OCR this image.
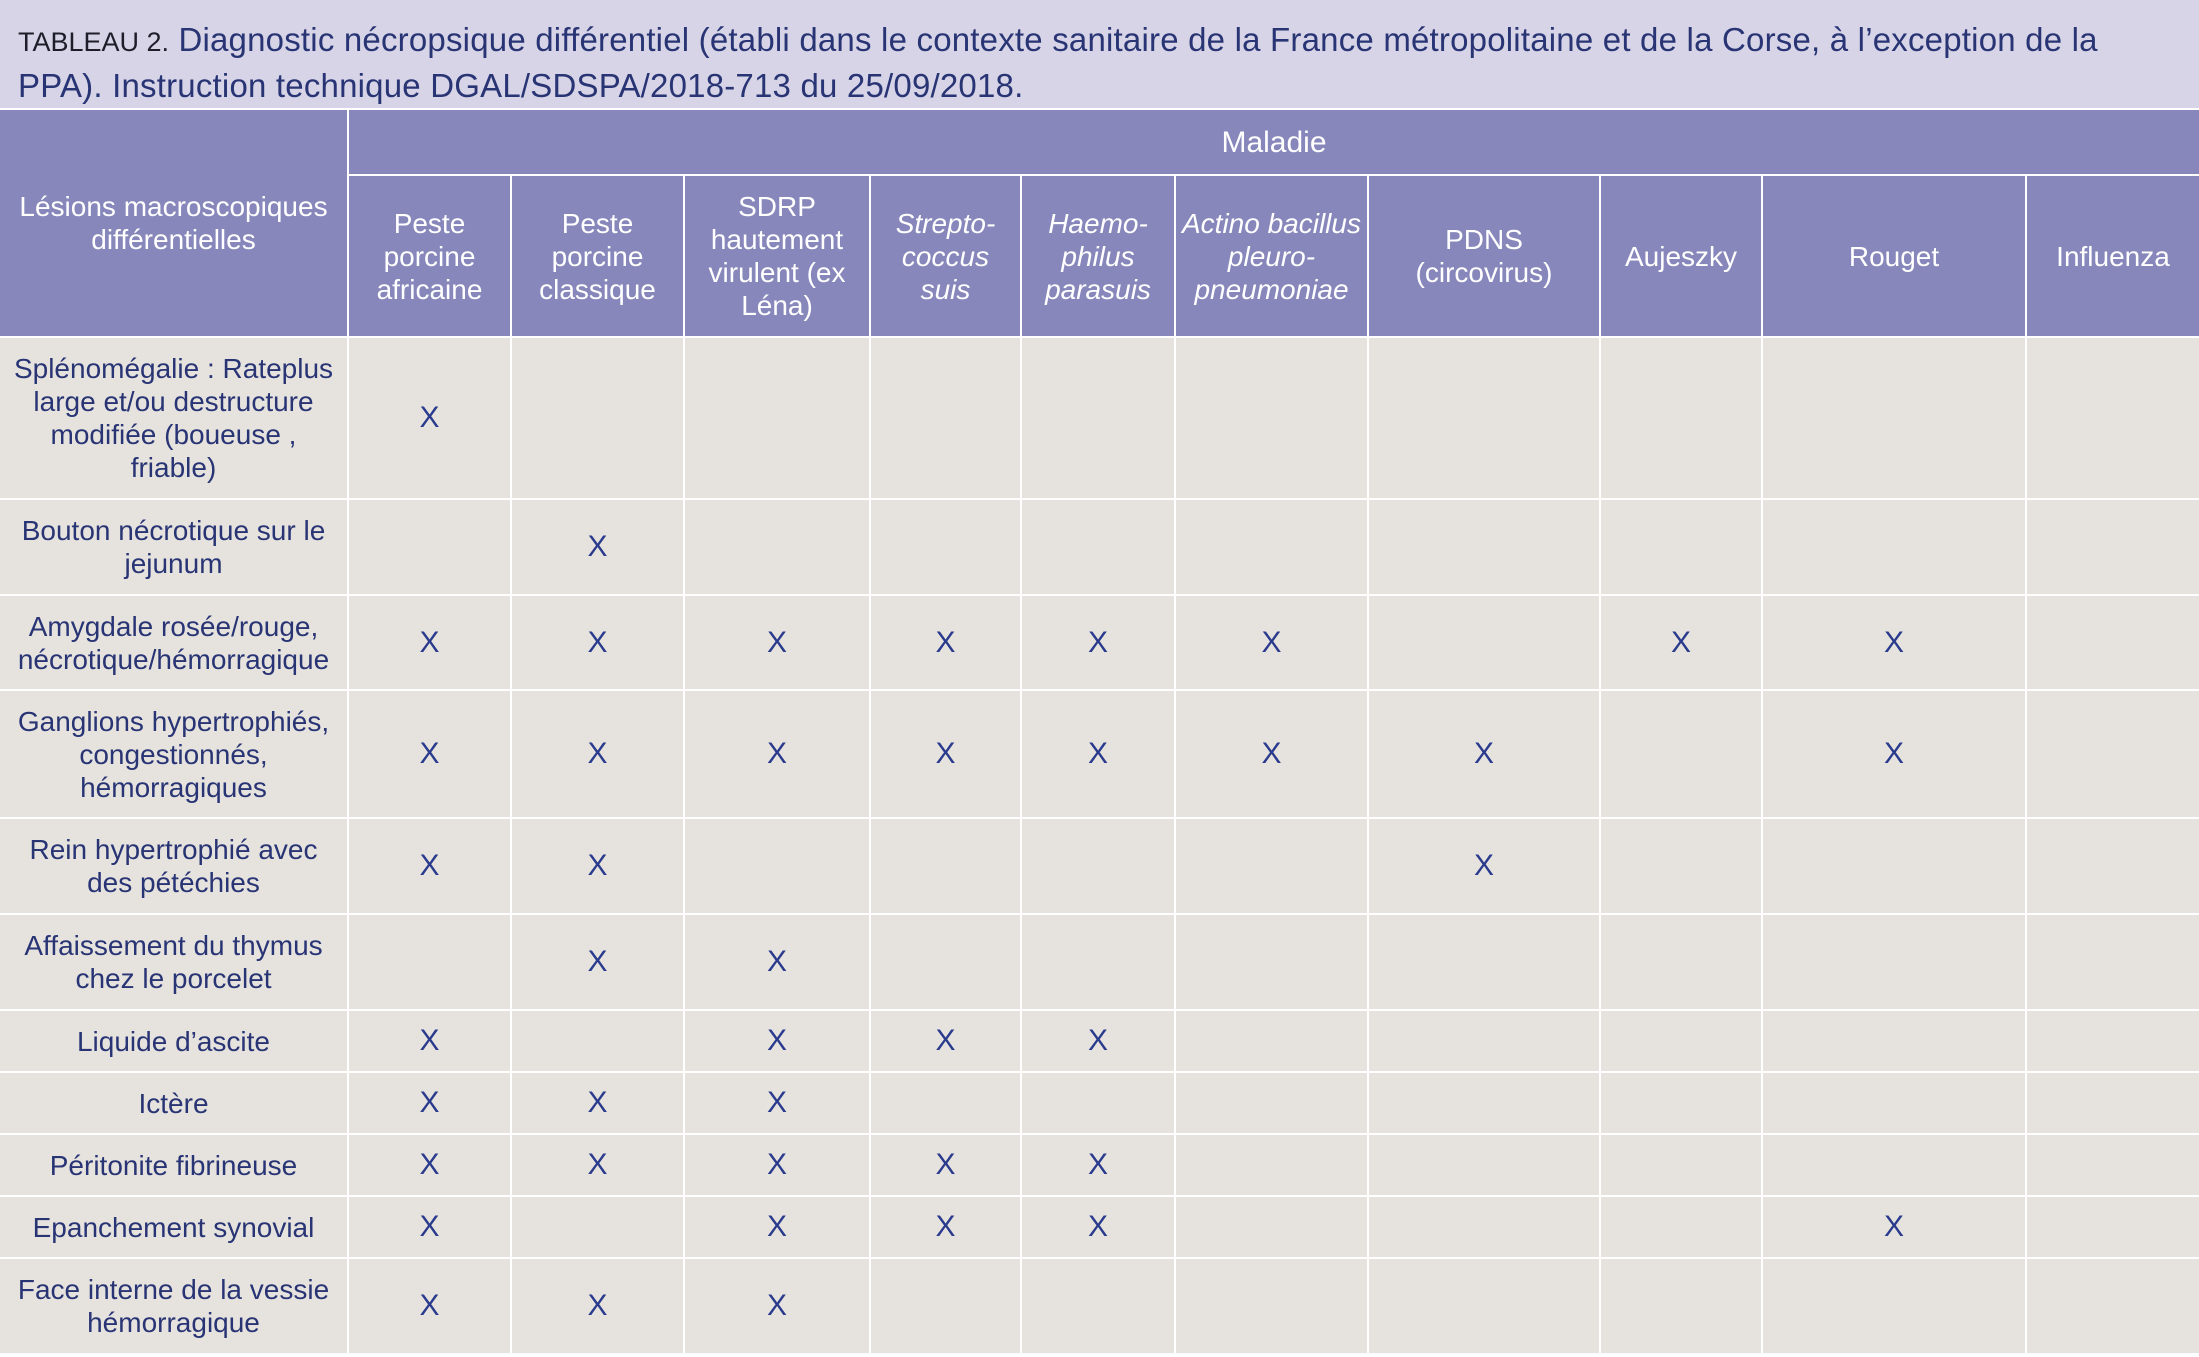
TABLEAU 2. Diagnostic nécropsique différentiel (établi dans le contexte sanitaire de la France métropolitaine et de la Corse, à l’exception de la PPA). Instruction technique DGAL/SDSPA/2018-713 du 25/09/2018.
Lésions macroscopiques différentielles	Maladie									
	Peste porcine africaine	Peste porcine classique	SDRP hautement virulent (ex Léna)	Strepto-coccus suis	Haemo-philus parasuis	Actino bacillus pleuro-pneumoniae	PDNS (circovirus)	Aujeszky	Rouget	Influenza
Splénomégalie : Rateplus large et/ou destructure modifiée (boueuse , friable)	X									
Bouton nécrotique sur le jejunum		X								
Amygdale rosée/rouge, nécrotique/hémorragique	X	X	X	X	X	X		X	X	
Ganglions hypertrophiés, congestionnés, hémorragiques	X	X	X	X	X	X	X		X	
Rein hypertrophié avec des pétéchies	X	X					X			
Affaissement du thymus chez le porcelet		X	X							
Liquide d’ascite	X		X	X	X					
Ictère	X	X	X							
Péritonite fibrineuse	X	X	X	X	X					
Epanchement synovial	X		X	X	X				X	
Face interne de la vessie hémorragique	X	X	X							
